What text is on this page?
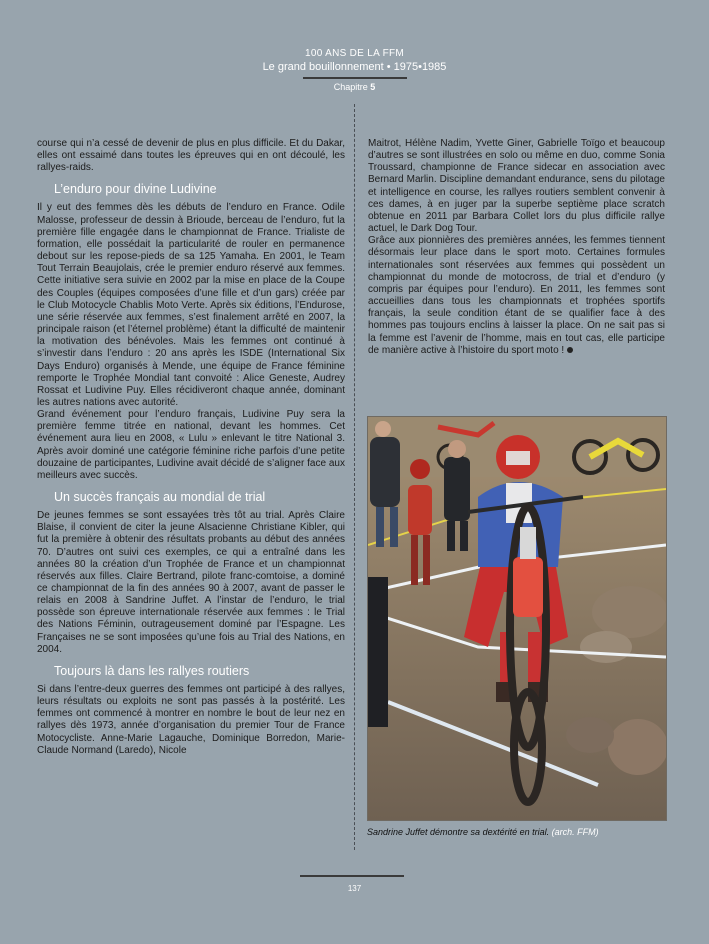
100 ANS DE LA FFM
Le grand bouillonnement • 1975•1985
Chapitre 5

course qui n’a cessé de devenir de plus en plus difficile. Et du Dakar, elles ont essaimé dans toutes les épreuves qui en ont découlé, les rallyes-raids.

L’enduro pour divine Ludivine

Il y eut des femmes dès les débuts de l’enduro en France. Odile Malosse, professeur de dessin à Brioude, berceau de l’enduro, fut la première fille engagée dans le championnat de France. Trialiste de formation, elle possédait la particularité de rouler en permanence debout sur les repose-pieds de sa 125 Yamaha. En 2001, le Team Tout Terrain Beaujolais, crée le premier enduro réservé aux femmes. Cette initiative sera suivie en 2002 par la mise en place de la Coupe des Couples (équipes composées d’une fille et d’un gars) créée par le Club Motocycle Chablis Moto Verte. Après six éditions, l’Endurose, une série réservée aux femmes, s’est finalement arrêté en 2007, la principale raison (et l’éternel problème) étant la difficulté de maintenir la motivation des bénévoles. Mais les femmes ont continué à s’investir dans l’enduro : 20 ans après les ISDE (International Six Days Enduro) organisés à Mende, une équipe de France féminine remporte le Trophée Mondial tant convoité : Alice Geneste, Audrey Rossat et Ludivine Puy. Elles récidiveront chaque année, dominant les autres nations avec autorité.

Grand événement pour l’enduro français, Ludivine Puy sera la première femme titrée en national, devant les hommes. Cet événement aura lieu en 2008, « Lulu » enlevant le titre National 3. Après avoir dominé une catégorie féminine riche parfois d’une petite douzaine de participantes, Ludivine avait décidé de s’aligner face aux meilleurs avec succès.

Un succès français au mondial de trial

De jeunes femmes se sont essayées très tôt au trial. Après Claire Blaise, il convient de citer la jeune Alsacienne Christiane Kibler, qui fut la première à obtenir des résultats probants au début des années 70. D’autres ont suivi ces exemples, ce qui a entraîné dans les années 80 la création d’un Trophée de France et un championnat réservés aux filles. Claire Bertrand, pilote franc-comtoise, a dominé ce championnat de la fin des années 90 à 2007, avant de passer le relais en 2008 à Sandrine Juffet. A l’instar de l’enduro, le trial possède son épreuve internationale réservée aux femmes : le Trial des Nations Féminin, outrageusement dominé par l’Espagne. Les Françaises ne se sont imposées qu’une fois au Trial des Nations, en 2004.

Toujours là dans les rallyes routiers

Si dans l’entre-deux guerres des femmes ont participé à des rallyes, leurs résultats ou exploits ne sont pas passés à la postérité. Les femmes ont commencé à montrer en nombre le bout de leur nez en rallyes dès 1973, année d’organisation du premier Tour de France Motocycliste. Anne-Marie Lagauche, Dominique Borredon, Marie-Claude Normand (Laredo), Nicole

Maitrot, Hélène Nadim, Yvette Giner, Gabrielle Toïgo et beaucoup d’autres se sont illustrées en solo ou même en duo, comme Sonia Troussard, championne de France sidecar en association avec Bernard Marlin. Discipline demandant endurance, sens du pilotage et intelligence en course, les rallyes routiers semblent convenir à ces dames, à en juger par la superbe septième place scratch obtenue en 2011 par Barbara Collet lors du plus difficile rallye actuel, le Dark Dog Tour.

Grâce aux pionnières des premières années, les femmes tiennent désormais leur place dans le sport moto. Certaines formules internationales sont réservées aux femmes qui possèdent un championnat du monde de motocross, de trial et d’enduro (y compris par équipes pour l’enduro). En 2011, les femmes sont accueillies dans tous les championnats et trophées sportifs français, la seule condition étant de se qualifier face à des hommes pas toujours enclins à laisser la place. On ne sait pas si la femme est l’avenir de l’homme, mais en tout cas, elle participe de manière active à l’histoire du sport moto !

Sandrine Juffet démontre sa dextérité en trial. (arch. FFM)
137
